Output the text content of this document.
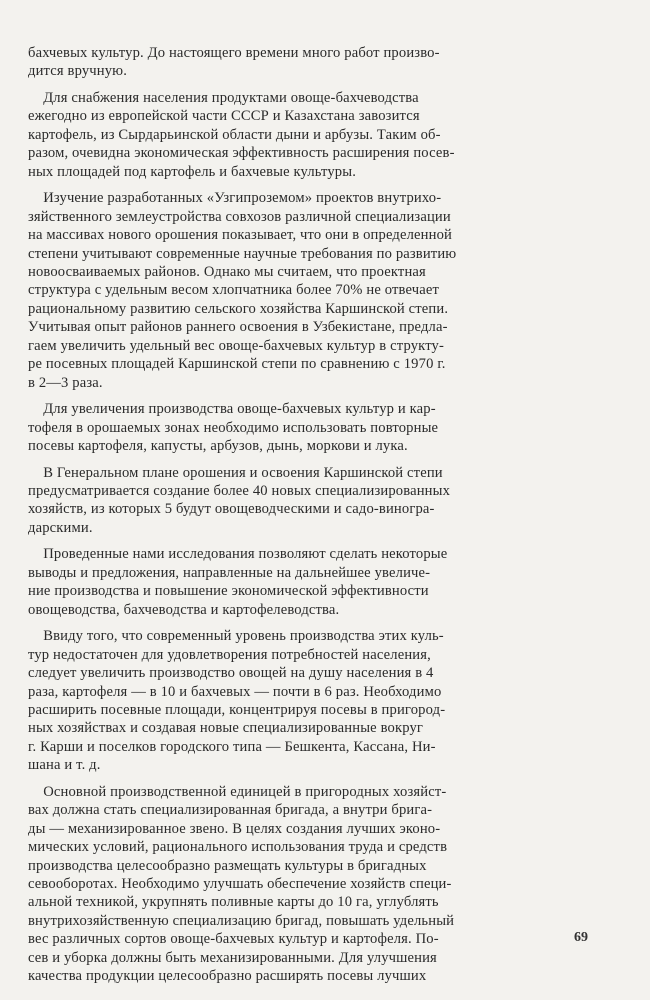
бахчевых культур. До настоящего времени много работ произво-
дится вручную.

Для снабжения населения продуктами овоще-бахчеводства
ежегодно из европейской части СССР и Казахстана завозится
картофель, из Сырдарьинской области дыни и арбузы. Таким об-
разом, очевидна экономическая эффективность расширения посев-
ных площадей под картофель и бахчевые культуры.

Изучение разработанных «Узгипроземом» проектов внутрихо-
зяйственного землеустройства совхозов различной специализации
на массивах нового орошения показывает, что они в определенной
степени учитывают современные научные требования по развитию
новоосваиваемых районов. Однако мы считаем, что проектная
структура с удельным весом хлопчатника более 70% не отвечает
рациональному развитию сельского хозяйства Каршинской степи.
Учитывая опыт районов раннего освоения в Узбекистане, предла-
гаем увеличить удельный вес овоще-бахчевых культур в структу-
ре посевных площадей Каршинской степи по сравнению с 1970 г.
в 2—3 раза.

Для увеличения производства овоще-бахчевых культур и кар-
тофеля в орошаемых зонах необходимо использовать повторные
посевы картофеля, капусты, арбузов, дынь, моркови и лука.

В Генеральном плане орошения и освоения Каршинской степи
предусматривается создание более 40 новых специализированных
хозяйств, из которых 5 будут овощеводческими и садо-виногра-
дарскими.

Проведенные нами исследования позволяют сделать некоторые
выводы и предложения, направленные на дальнейшее увеличе-
ние производства и повышение экономической эффективности
овощеводства, бахчеводства и картофелеводства.

Ввиду того, что современный уровень производства этих куль-
тур недостаточен для удовлетворения потребностей населения,
следует увеличить производство овощей на душу населения в 4
раза, картофеля — в 10 и бахчевых — почти в 6 раз. Необходимо
расширить посевные площади, концентрируя посевы в пригород-
ных хозяйствах и создавая новые специализированные вокруг
г. Карши и поселков городского типа — Бешкента, Кассана, Ни-
шана и т. д.

Основной производственной единицей в пригородных хозяйст-
вах должна стать специализированная бригада, а внутри брига-
ды — механизированное звено. В целях создания лучших эконо-
мических условий, рационального использования труда и средств
производства целесообразно размещать культуры в бригадных
севооборотах. Необходимо улучшать обеспечение хозяйств специ-
альной техникой, укрупнять поливные карты до 10 га, углублять
внутрихозяйственную специализацию бригад, повышать удельный
вес различных сортов овоще-бахчевых культур и картофеля. По-
сев и уборка должны быть механизированными. Для улучшения
качества продукции целесообразно расширять посевы лучших

69
